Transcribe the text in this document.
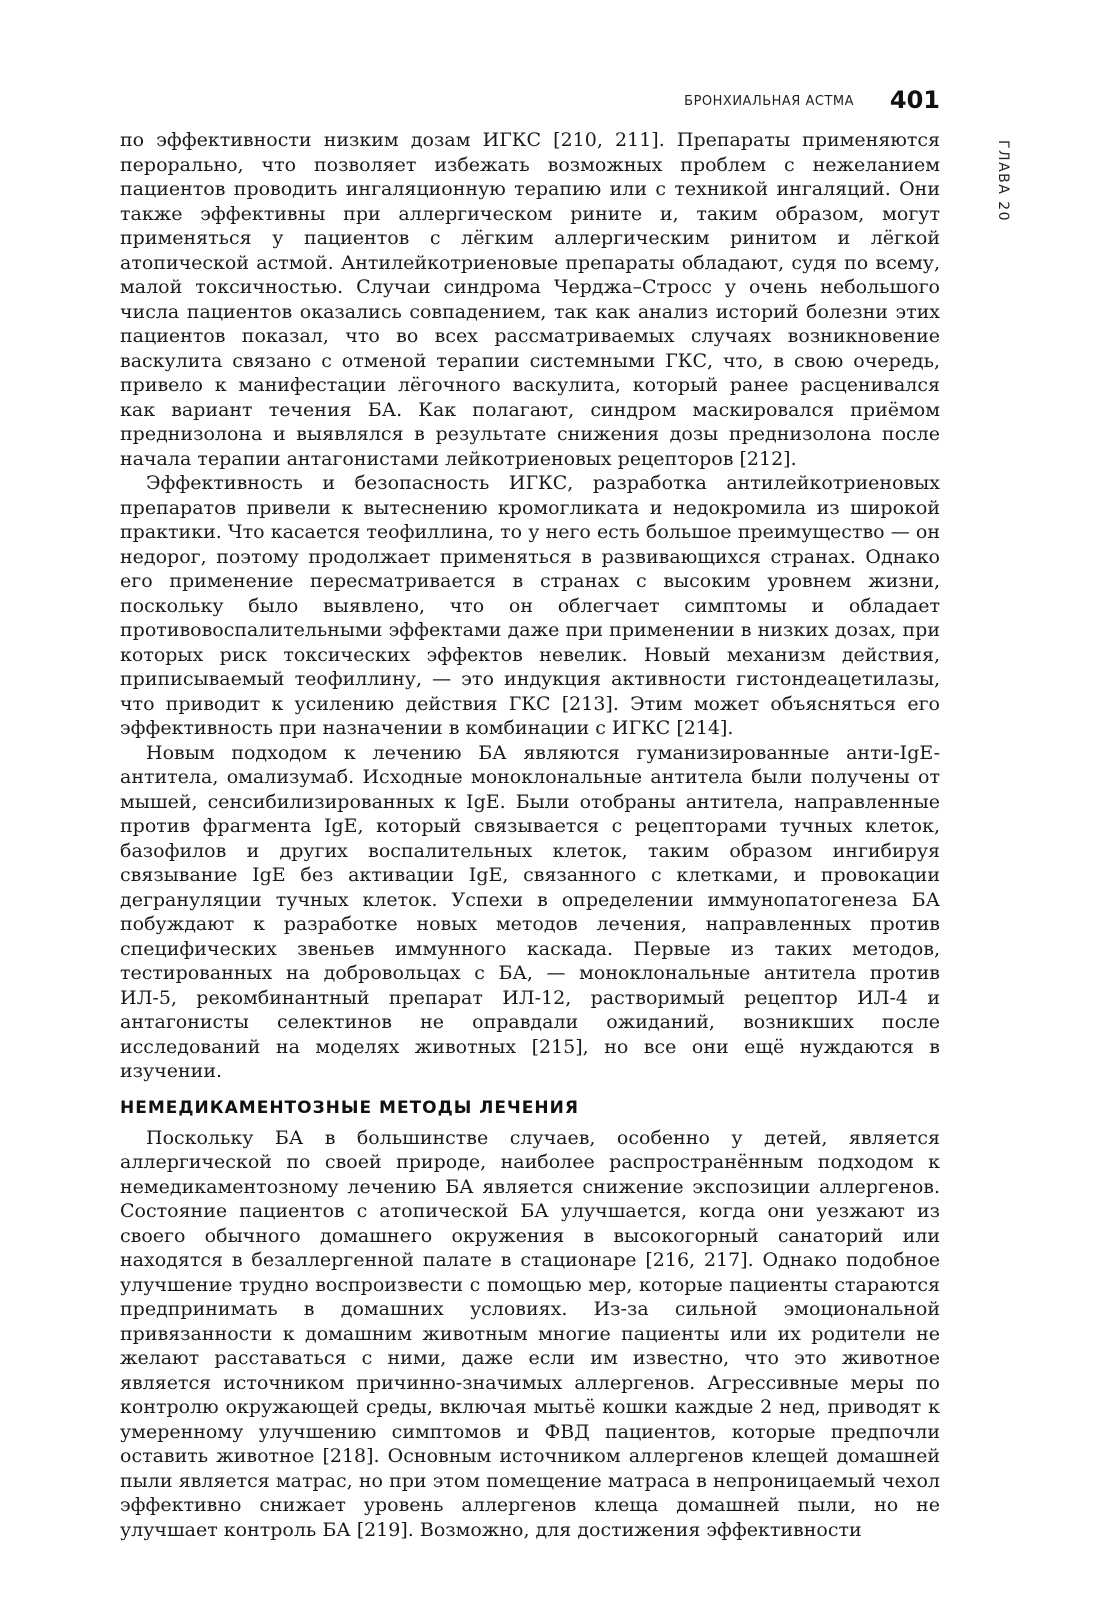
БРОНХИАЛЬНАЯ АСТМА 401
ГЛАВА 20

по эффективности низким дозам ИГКС [210, 211]. Препараты применяются перорально, что позволяет избежать возможных проблем с нежеланием пациентов проводить ингаляционную терапию или с техникой ингаляций. Они также эффективны при аллергическом рините и, таким образом, могут применяться у пациентов с лёгким аллергическим ринитом и лёгкой атопической астмой. Антилейкотриеновые препараты обладают, судя по всему, малой токсичностью. Случаи синдрома Черджа–Стросс у очень небольшого числа пациентов оказались совпадением, так как анализ историй болезни этих пациентов показал, что во всех рассматриваемых случаях возникновение васкулита связано с отменой терапии системными ГКС, что, в свою очередь, привело к манифестации лёгочного васкулита, который ранее расценивался как вариант течения БА. Как полагают, синдром маскировался приёмом преднизолона и выявлялся в результате снижения дозы преднизолона после начала терапии антагонистами лейкотриеновых рецепторов [212].

Эффективность и безопасность ИГКС, разработка антилейкотриеновых препаратов привели к вытеснению кромогликата и недокромила из широкой практики. Что касается теофиллина, то у него есть большое преимущество — он недорог, поэтому продолжает применяться в развивающихся странах. Однако его применение пересматривается в странах с высоким уровнем жизни, поскольку было выявлено, что он облегчает симптомы и обладает противовоспалительными эффектами даже при применении в низких дозах, при которых риск токсических эффектов невелик. Новый механизм действия, приписываемый теофиллину, — это индукция активности гистондеацетилазы, что приводит к усилению действия ГКС [213]. Этим может объясняться его эффективность при назначении в комбинации с ИГКС [214].

Новым подходом к лечению БА являются гуманизированные анти-IgE-антитела, омализумаб. Исходные моноклональные антитела были получены от мышей, сенсибилизированных к IgE. Были отобраны антитела, направленные против фрагмента IgE, который связывается с рецепторами тучных клеток, базофилов и других воспалительных клеток, таким образом ингибируя связывание IgE без активации IgE, связанного с клетками, и провокации дегрануляции тучных клеток. Успехи в определении иммунопатогенеза БА побуждают к разработке новых методов лечения, направленных против специфических звеньев иммунного каскада. Первые из таких методов, тестированных на добровольцах с БА, — моноклональные антитела против ИЛ-5, рекомбинантный препарат ИЛ-12, растворимый рецептор ИЛ-4 и антагонисты селектинов не оправдали ожиданий, возникших после исследований на моделях животных [215], но все они ещё нуждаются в изучении.

НЕМЕДИКАМЕНТОЗНЫЕ МЕТОДЫ ЛЕЧЕНИЯ

Поскольку БА в большинстве случаев, особенно у детей, является аллергической по своей природе, наиболее распространённым подходом к немедикаментозному лечению БА является снижение экспозиции аллергенов. Состояние пациентов с атопической БА улучшается, когда они уезжают из своего обычного домашнего окружения в высокогорный санаторий или находятся в безаллергенной палате в стационаре [216, 217]. Однако подобное улучшение трудно воспроизвести с помощью мер, которые пациенты стараются предпринимать в домашних условиях. Из-за сильной эмоциональной привязанности к домашним животным многие пациенты или их родители не желают расставаться с ними, даже если им известно, что это животное является источником причинно-значимых аллергенов. Агрессивные меры по контролю окружающей среды, включая мытьё кошки каждые 2 нед, приводят к умеренному улучшению симптомов и ФВД пациентов, которые предпочли оставить животное [218]. Основным источником аллергенов клещей домашней пыли является матрас, но при этом помещение матраса в непроницаемый чехол эффективно снижает уровень аллергенов клеща домашней пыли, но не улучшает контроль БА [219]. Возможно, для достижения эффективности
